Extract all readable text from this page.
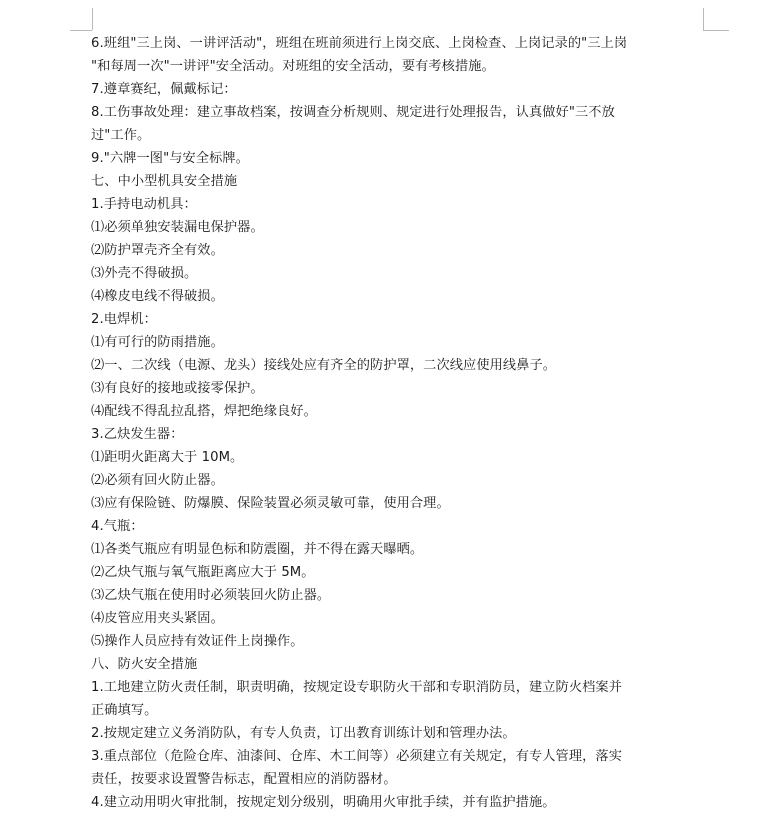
6.班组"三上岗、一讲评活动"，班组在班前须进行上岗交底、上岗检查、上岗记录的"三上岗
"和每周一次"一讲评"安全活动。对班组的安全活动，要有考核措施。
7.遵章赛纪，佩戴标记：
8.工伤事故处理：建立事故档案，按调查分析规则、规定进行处理报告，认真做好"三不放
过"工作。
9."六牌一图"与安全标牌。
七、中小型机具安全措施
1.手持电动机具：
⑴必须单独安装漏电保护器。
⑵防护罩壳齐全有效。
⑶外壳不得破损。
⑷橡皮电线不得破损。
2.电焊机：
⑴有可行的防雨措施。
⑵一、二次线（电源、龙头）接线处应有齐全的防护罩，二次线应使用线鼻子。
⑶有良好的接地或接零保护。
⑷配线不得乱拉乱搭，焊把绝缘良好。
3.乙炔发生器：
⑴距明火距离大于 10M。
⑵必须有回火防止器。
⑶应有保险链、防爆膜、保险装置必须灵敏可靠，使用合理。
4.气瓶：
⑴各类气瓶应有明显色标和防震圈，并不得在露天曝晒。
⑵乙炔气瓶与氧气瓶距离应大于 5M。
⑶乙炔气瓶在使用时必须装回火防止器。
⑷皮管应用夹头紧固。
⑸操作人员应持有效证件上岗操作。
八、防火安全措施
1.工地建立防火责任制，职责明确，按规定设专职防火干部和专职消防员，建立防火档案并
正确填写。
2.按规定建立义务消防队，有专人负责，订出教育训练计划和管理办法。
3.重点部位（危险仓库、油漆间、仓库、木工间等）必须建立有关规定，有专人管理，落实
责任，按要求设置警告标志，配置相应的消防器材。
4.建立动用明火审批制，按规定划分级别，明确用火审批手续，并有监护措施。
